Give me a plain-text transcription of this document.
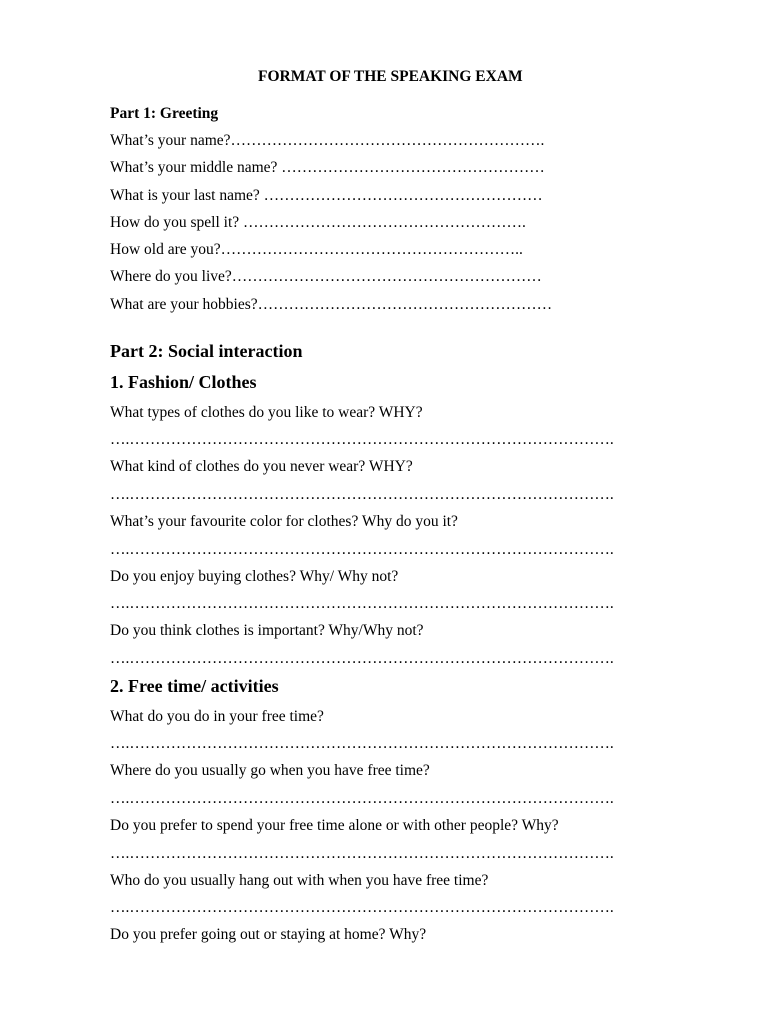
FORMAT OF THE SPEAKING EXAM
Part 1: Greeting
What’s your name?…………………………………………………….
What’s your middle name? ……………………………………………
What is your last name? ………………………………………………
How do you spell it? ……………………………………………….
How old are you?…………………………………………………..
Where do you live?……………………………………………………
What are your hobbies?…………………………………………………
Part 2: Social interaction
1. Fashion/ Clothes
What types of clothes do you like to wear? WHY?
….………………………………………………………………………………….
What kind of clothes do you never wear? WHY?
….………………………………………………………………………………….
What’s your favourite color for clothes? Why do you it?
….………………………………………………………………………………….
Do you enjoy buying clothes? Why/ Why not?
….………………………………………………………………………………….
Do you think clothes is important? Why/Why not?
….………………………………………………………………………………….
2. Free time/ activities
What do you do in your free time?
….………………………………………………………………………………….
Where do you usually go when you have free time?
….………………………………………………………………………………….
Do you prefer to spend your free time alone or with other people? Why?
….………………………………………………………………………………….
Who do you usually hang out with when you have free time?
….………………………………………………………………………………….
Do you prefer going out or staying at home? Why?
